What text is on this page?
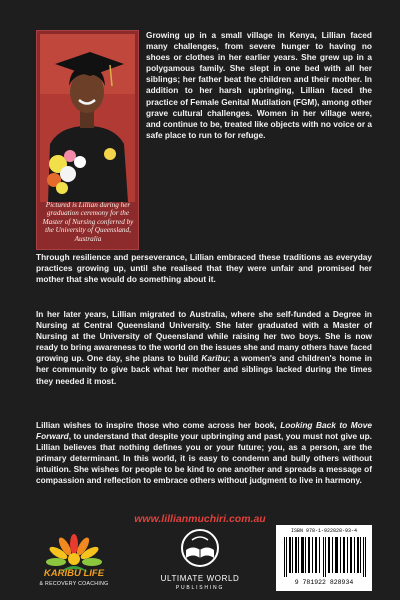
Pictured is Lillian during her graduation ceremony for the Master of Nursing conferred by the University of Queensland, Australia

Growing up in a small village in Kenya, Lillian faced many challenges, from severe hunger to having no shoes or clothes in her earlier years. She grew up in a polygamous family. She slept in one bed with all her siblings; her father beat the children and their mother. In addition to her harsh upbringing, Lillian faced the practice of Female Genital Mutilation (FGM), among other grave cultural challenges. Women in her village were, and continue to be, treated like objects with no voice or a safe place to run to for refuge.

Through resilience and perseverance, Lillian embraced these traditions as everyday practices growing up, until she realised that they were unfair and promised her mother that she would do something about it.

In her later years, Lillian migrated to Australia, where she self-funded a Degree in Nursing at Central Queensland University. She later graduated with a Master of Nursing at the University of Queensland while raising her two boys. She is now ready to bring awareness to the world on the issues she and many others have faced growing up. One day, she plans to build Karibu; a women's and children's home in her community to give back what her mother and siblings lacked during the times they needed it most.

Lillian wishes to inspire those who come across her book, Looking Back to Move Forward, to understand that despite your upbringing and past, you must not give up. Lillian believes that nothing defines you or your future; you, as a person, are the primary determinant. In this world, it is easy to condemn and bully others without intuition. She wishes for people to be kind to one another and spreads a message of compassion and reflection to embrace others without judgment to live in harmony.

www.lillianmuchiri.com.au
KARIBU LIFE
& RECOVERY COACHING
ULTIMATE WORLD
PUBLISHING
ISBN 978-1-922828-93-4
9 781922 828934
